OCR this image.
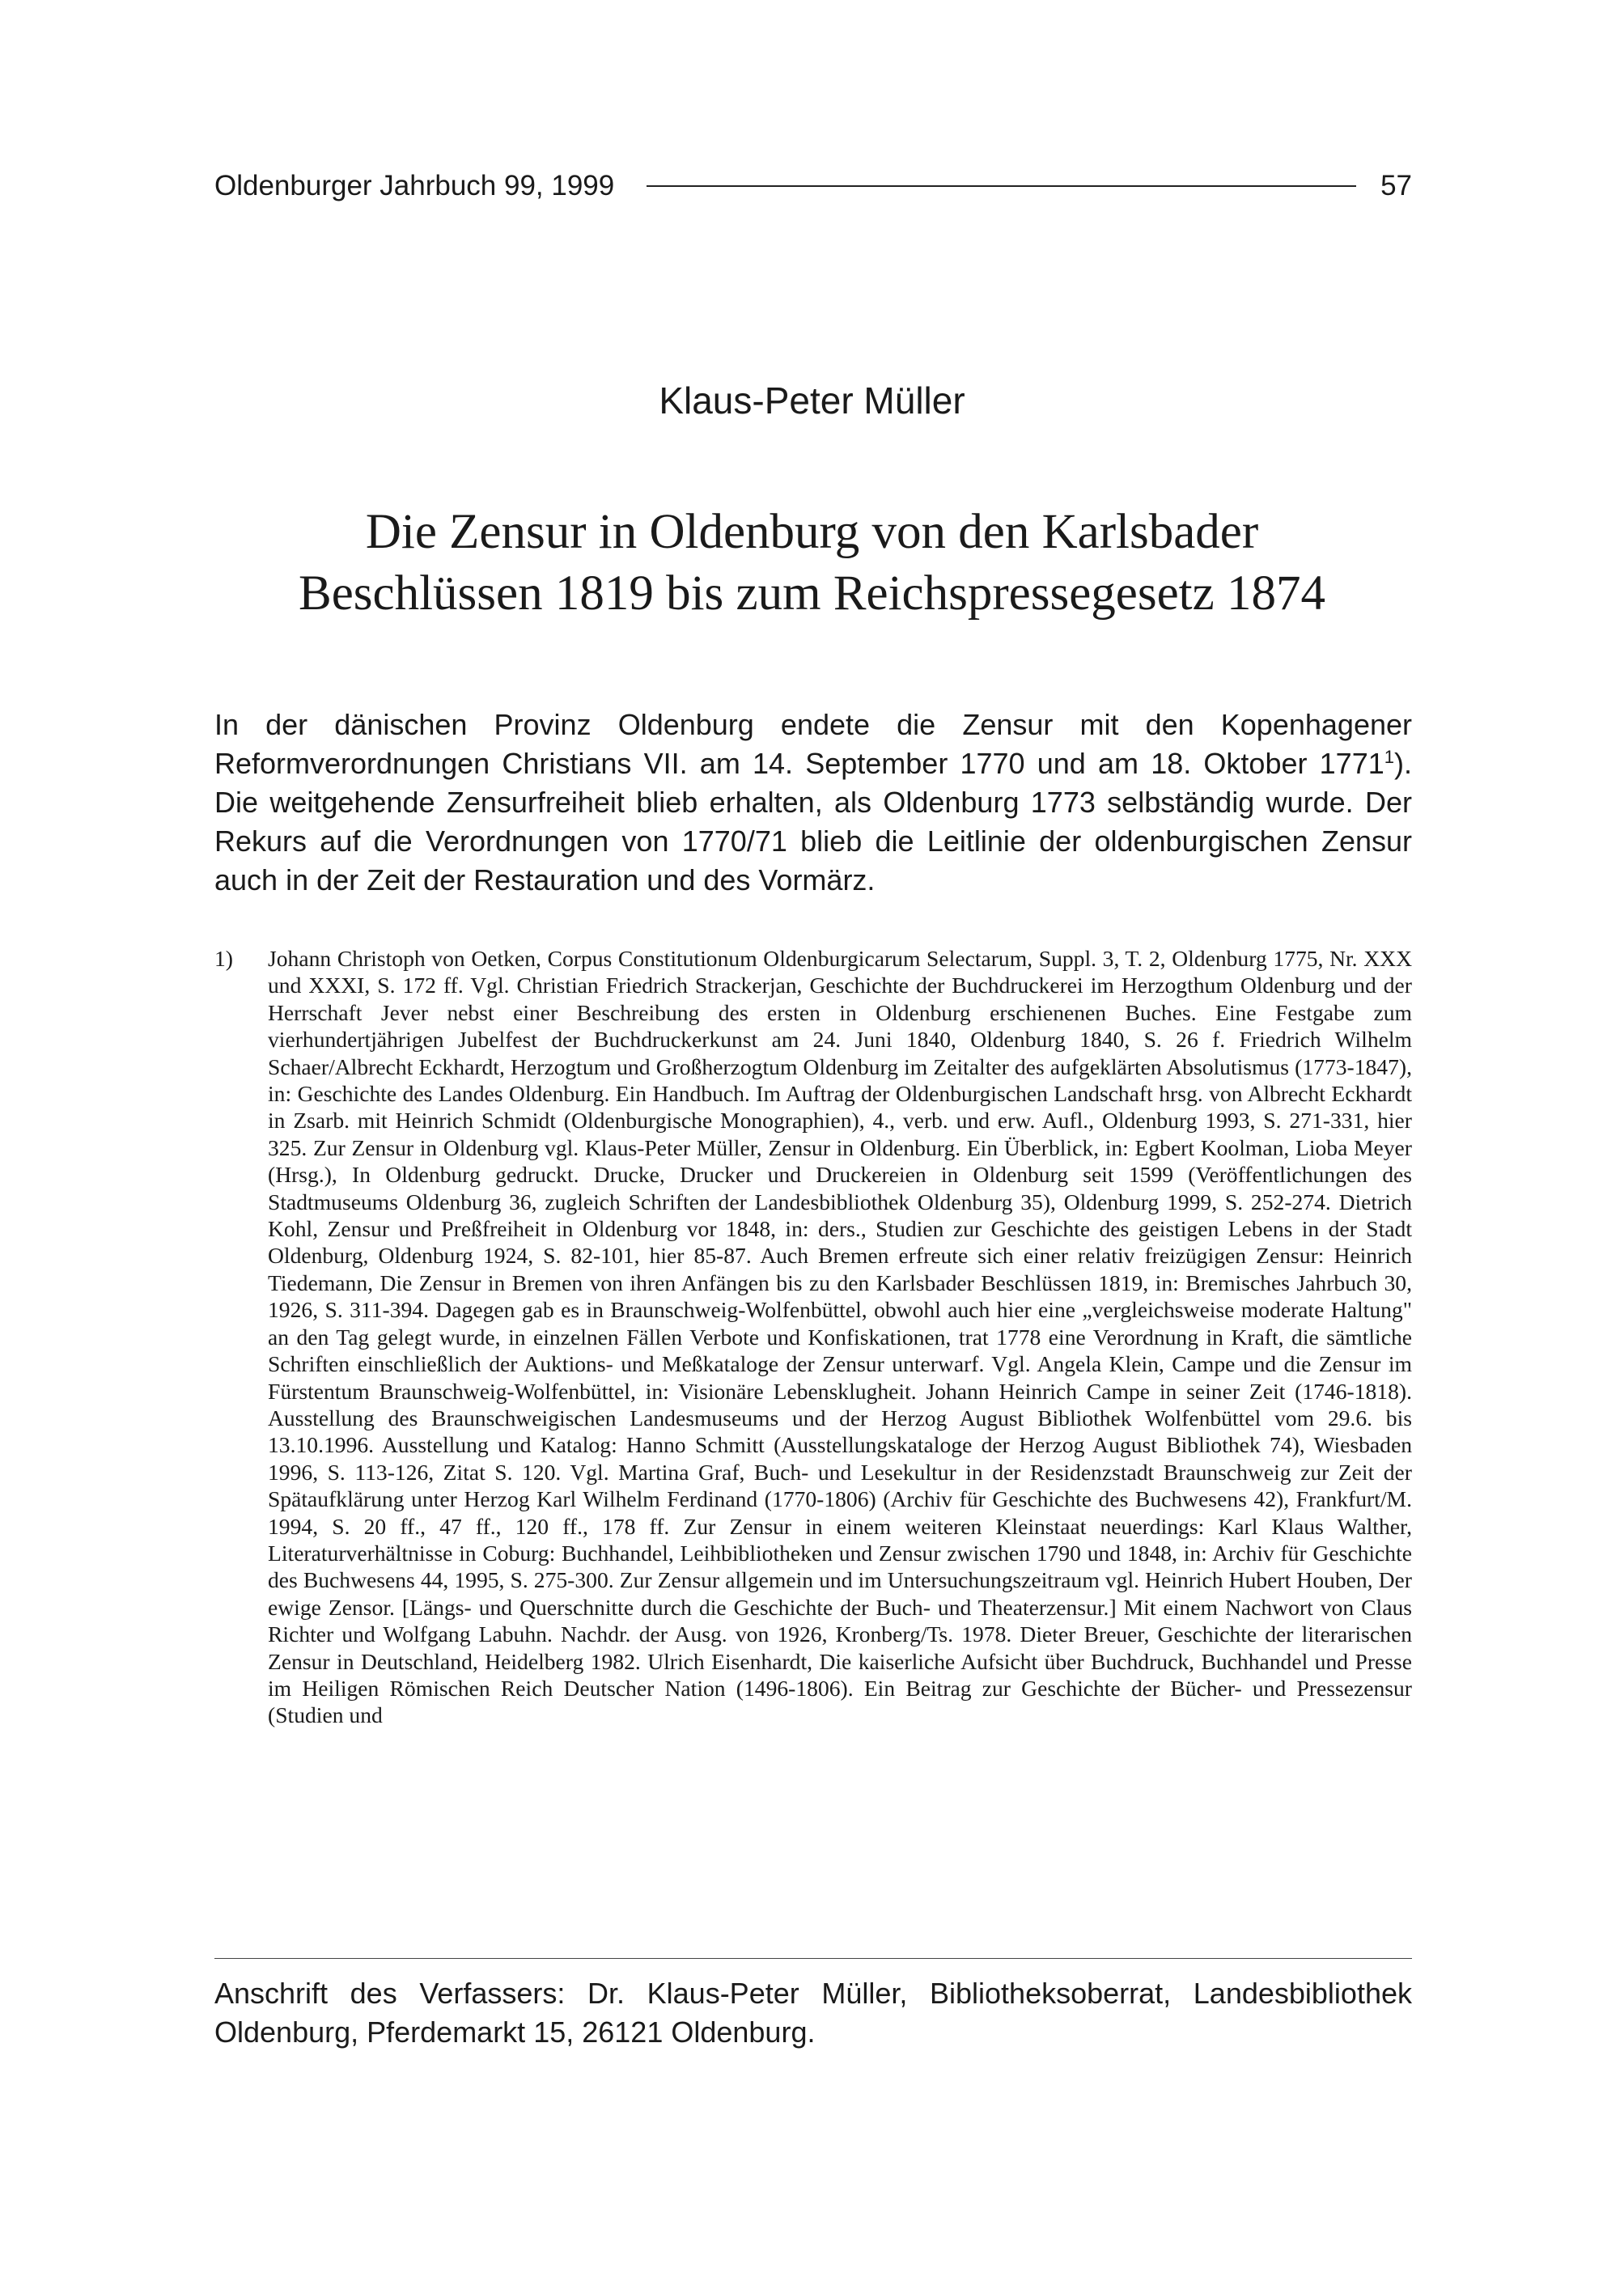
Oldenburger Jahrbuch 99, 1999	57
Klaus-Peter Müller
Die Zensur in Oldenburg von den Karlsbader
Beschlüssen 1819 bis zum Reichspressegesetz 1874
In der dänischen Provinz Oldenburg endete die Zensur mit den Kopenhagener Reformverordnungen Christians VII. am 14. September 1770 und am 18. Oktober 1771$^1$). Die weitgehende Zensurfreiheit blieb erhalten, als Oldenburg 1773 selbständig wurde. Der Rekurs auf die Verordnungen von 1770/71 blieb die Leitlinie der oldenburgischen Zensur auch in der Zeit der Restauration und des Vormärz.
1)	Johann Christoph von Oetken, Corpus Constitutionum Oldenburgicarum Selectarum, Suppl. 3, T. 2, Oldenburg 1775, Nr. XXX und XXXI, S. 172 ff. Vgl. Christian Friedrich Strackerjan, Geschichte der Buchdruckerei im Herzogthum Oldenburg und der Herrschaft Jever nebst einer Beschreibung des ersten in Oldenburg erschienenen Buches. Eine Festgabe zum vierhundertjährigen Jubelfest der Buchdruckerkunst am 24. Juni 1840, Oldenburg 1840, S. 26 f. Friedrich Wilhelm Schaer/Albrecht Eckhardt, Herzogtum und Großherzogtum Oldenburg im Zeitalter des aufgeklärten Absolutismus (1773-1847), in: Geschichte des Landes Oldenburg. Ein Handbuch. Im Auftrag der Oldenburgischen Landschaft hrsg. von Albrecht Eckhardt in Zsarb. mit Heinrich Schmidt (Oldenburgische Monographien), 4., verb. und erw. Aufl., Oldenburg 1993, S. 271-331, hier 325. Zur Zensur in Oldenburg vgl. Klaus-Peter Müller, Zensur in Oldenburg. Ein Überblick, in: Egbert Koolman, Lioba Meyer (Hrsg.), In Oldenburg gedruckt. Drucke, Drucker und Druckereien in Oldenburg seit 1599 (Veröffentlichungen des Stadtmuseums Oldenburg 36, zugleich Schriften der Landesbibliothek Oldenburg 35), Oldenburg 1999, S. 252-274. Dietrich Kohl, Zensur und Preßfreiheit in Oldenburg vor 1848, in: ders., Studien zur Geschichte des geistigen Lebens in der Stadt Oldenburg, Oldenburg 1924, S. 82-101, hier 85-87. Auch Bremen erfreute sich einer relativ freizügigen Zensur: Heinrich Tiedemann, Die Zensur in Bremen von ihren Anfängen bis zu den Karlsbader Beschlüssen 1819, in: Bremisches Jahrbuch 30, 1926, S. 311-394. Dagegen gab es in Braunschweig-Wolfenbüttel, obwohl auch hier eine „vergleichsweise moderate Haltung" an den Tag gelegt wurde, in einzelnen Fällen Verbote und Konfiskationen, trat 1778 eine Verordnung in Kraft, die sämtliche Schriften einschließlich der Auktions- und Meßkataloge der Zensur unterwarf. Vgl. Angela Klein, Campe und die Zensur im Fürstentum Braunschweig-Wolfenbüttel, in: Visionäre Lebensklugheit. Johann Heinrich Campe in seiner Zeit (1746-1818). Ausstellung des Braunschweigischen Landesmuseums und der Herzog August Bibliothek Wolfenbüttel vom 29.6. bis 13.10.1996. Ausstellung und Katalog: Hanno Schmitt (Ausstellungskataloge der Herzog August Bibliothek 74), Wiesbaden 1996, S. 113-126, Zitat S. 120. Vgl. Martina Graf, Buch- und Lesekultur in der Residenzstadt Braunschweig zur Zeit der Spätaufklärung unter Herzog Karl Wilhelm Ferdinand (1770-1806) (Archiv für Geschichte des Buchwesens 42), Frankfurt/M. 1994, S. 20 ff., 47 ff., 120 ff., 178 ff. Zur Zensur in einem weiteren Kleinstaat neuerdings: Karl Klaus Walther, Literaturverhältnisse in Coburg: Buchhandel, Leihbibliotheken und Zensur zwischen 1790 und 1848, in: Archiv für Geschichte des Buchwesens 44, 1995, S. 275-300. Zur Zensur allgemein und im Untersuchungszeitraum vgl. Heinrich Hubert Houben, Der ewige Zensor. [Längs- und Querschnitte durch die Geschichte der Buch- und Theaterzensur.] Mit einem Nachwort von Claus Richter und Wolfgang Labuhn. Nachdr. der Ausg. von 1926, Kronberg/Ts. 1978. Dieter Breuer, Geschichte der literarischen Zensur in Deutschland, Heidelberg 1982. Ulrich Eisenhardt, Die kaiserliche Aufsicht über Buchdruck, Buchhandel und Presse im Heiligen Römischen Reich Deutscher Nation (1496-1806). Ein Beitrag zur Geschichte der Bücher- und Pressezensur (Studien und
Anschrift des Verfassers: Dr. Klaus-Peter Müller, Bibliotheksoberrat, Landesbibliothek Oldenburg, Pferdemarkt 15, 26121 Oldenburg.
